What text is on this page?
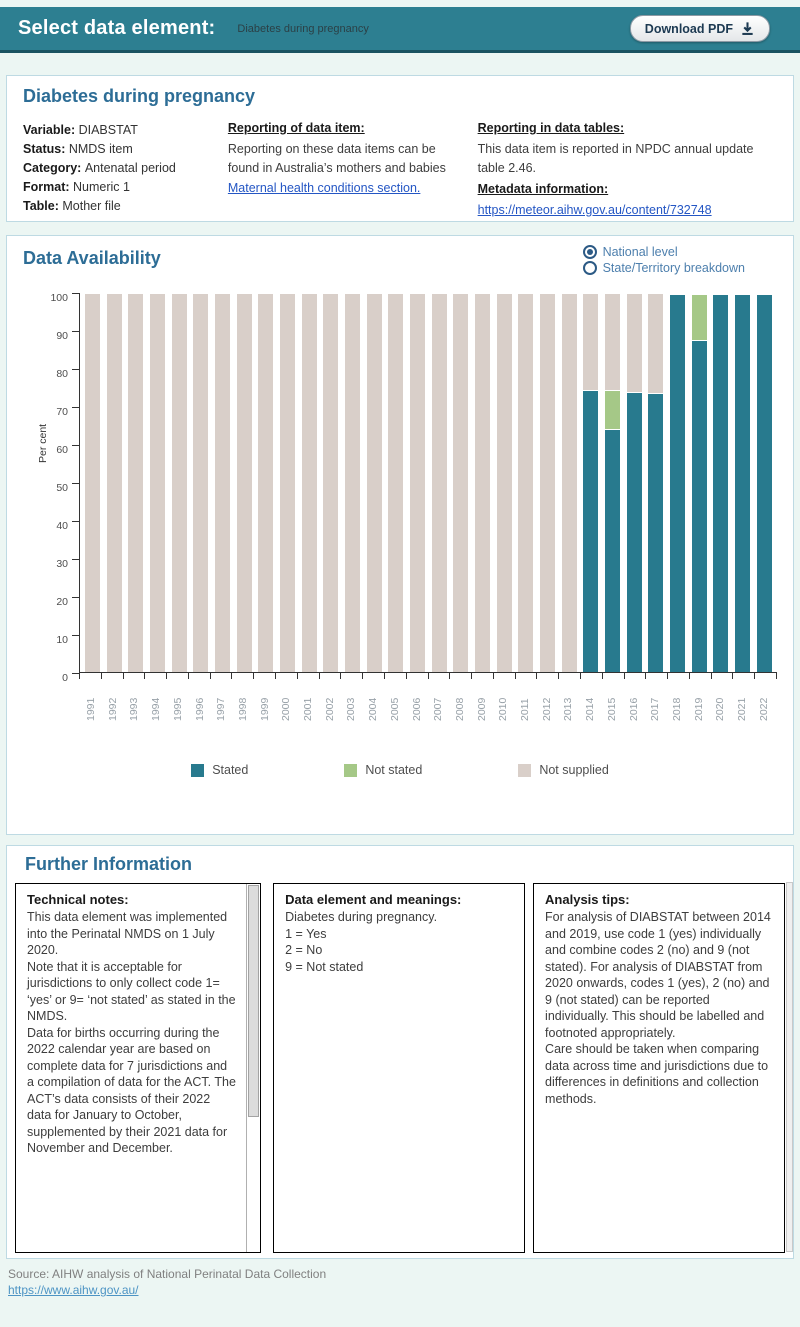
Select data element: Diabetes during pregnancy	Download PDF
Diabetes during pregnancy
Variable: DIABSTAT
Status: NMDS item
Category: Antenatal period
Format: Numeric 1
Table: Mother file
Reporting of data item:
Reporting on these data items can be found in Australia’s mothers and babies
Maternal health conditions section.
Reporting in data tables:
This data item is reported in NPDC annual update table 2.46.
Metadata information:
https://meteor.aihw.gov.au/content/732748
Data Availability	National level
State/Territory breakdown
Per cent
0
10
20
30
40
50
60
70
80
90
100
1991 1992 1993 1994 1995 1996 1997 1998 1999 2000 2001 2002 2003 2004 2005 2006 2007 2008 2009 2010 2011 2012 2013 2014 2015 2016 2017 2018 2019 2020 2021 2022
Stated	Not stated	Not supplied
Further Information
Technical notes:

This data element was implemented into the Perinatal NMDS on 1 July 2020.

Note that it is acceptable for jurisdictions to only collect code 1= ‘yes’ or 9= ‘not stated’ as stated in the NMDS.

Data for births occurring during the 2022 calendar year are based on complete data for 7 jurisdictions and a compilation of data for the ACT. The ACT’s data consists of their 2022 data for January to October, supplemented by their 2021 data for November and December.

Data element and meanings:

Diabetes during pregnancy.

1 = Yes

2 = No

9 = Not stated

Analysis tips:

For analysis of DIABSTAT between 2014 and 2019, use code 1 (yes) individually and combine codes 2 (no) and 9 (not stated). For analysis of DIABSTAT from 2020 onwards, codes 1 (yes), 2 (no) and 9 (not stated) can be reported individually. This should be labelled and footnoted appropriately.

Care should be taken when comparing data across time and jurisdictions due to differences in definitions and collection methods.

Source: AIHW analysis of National Perinatal Data Collection
https://www.aihw.gov.au/
